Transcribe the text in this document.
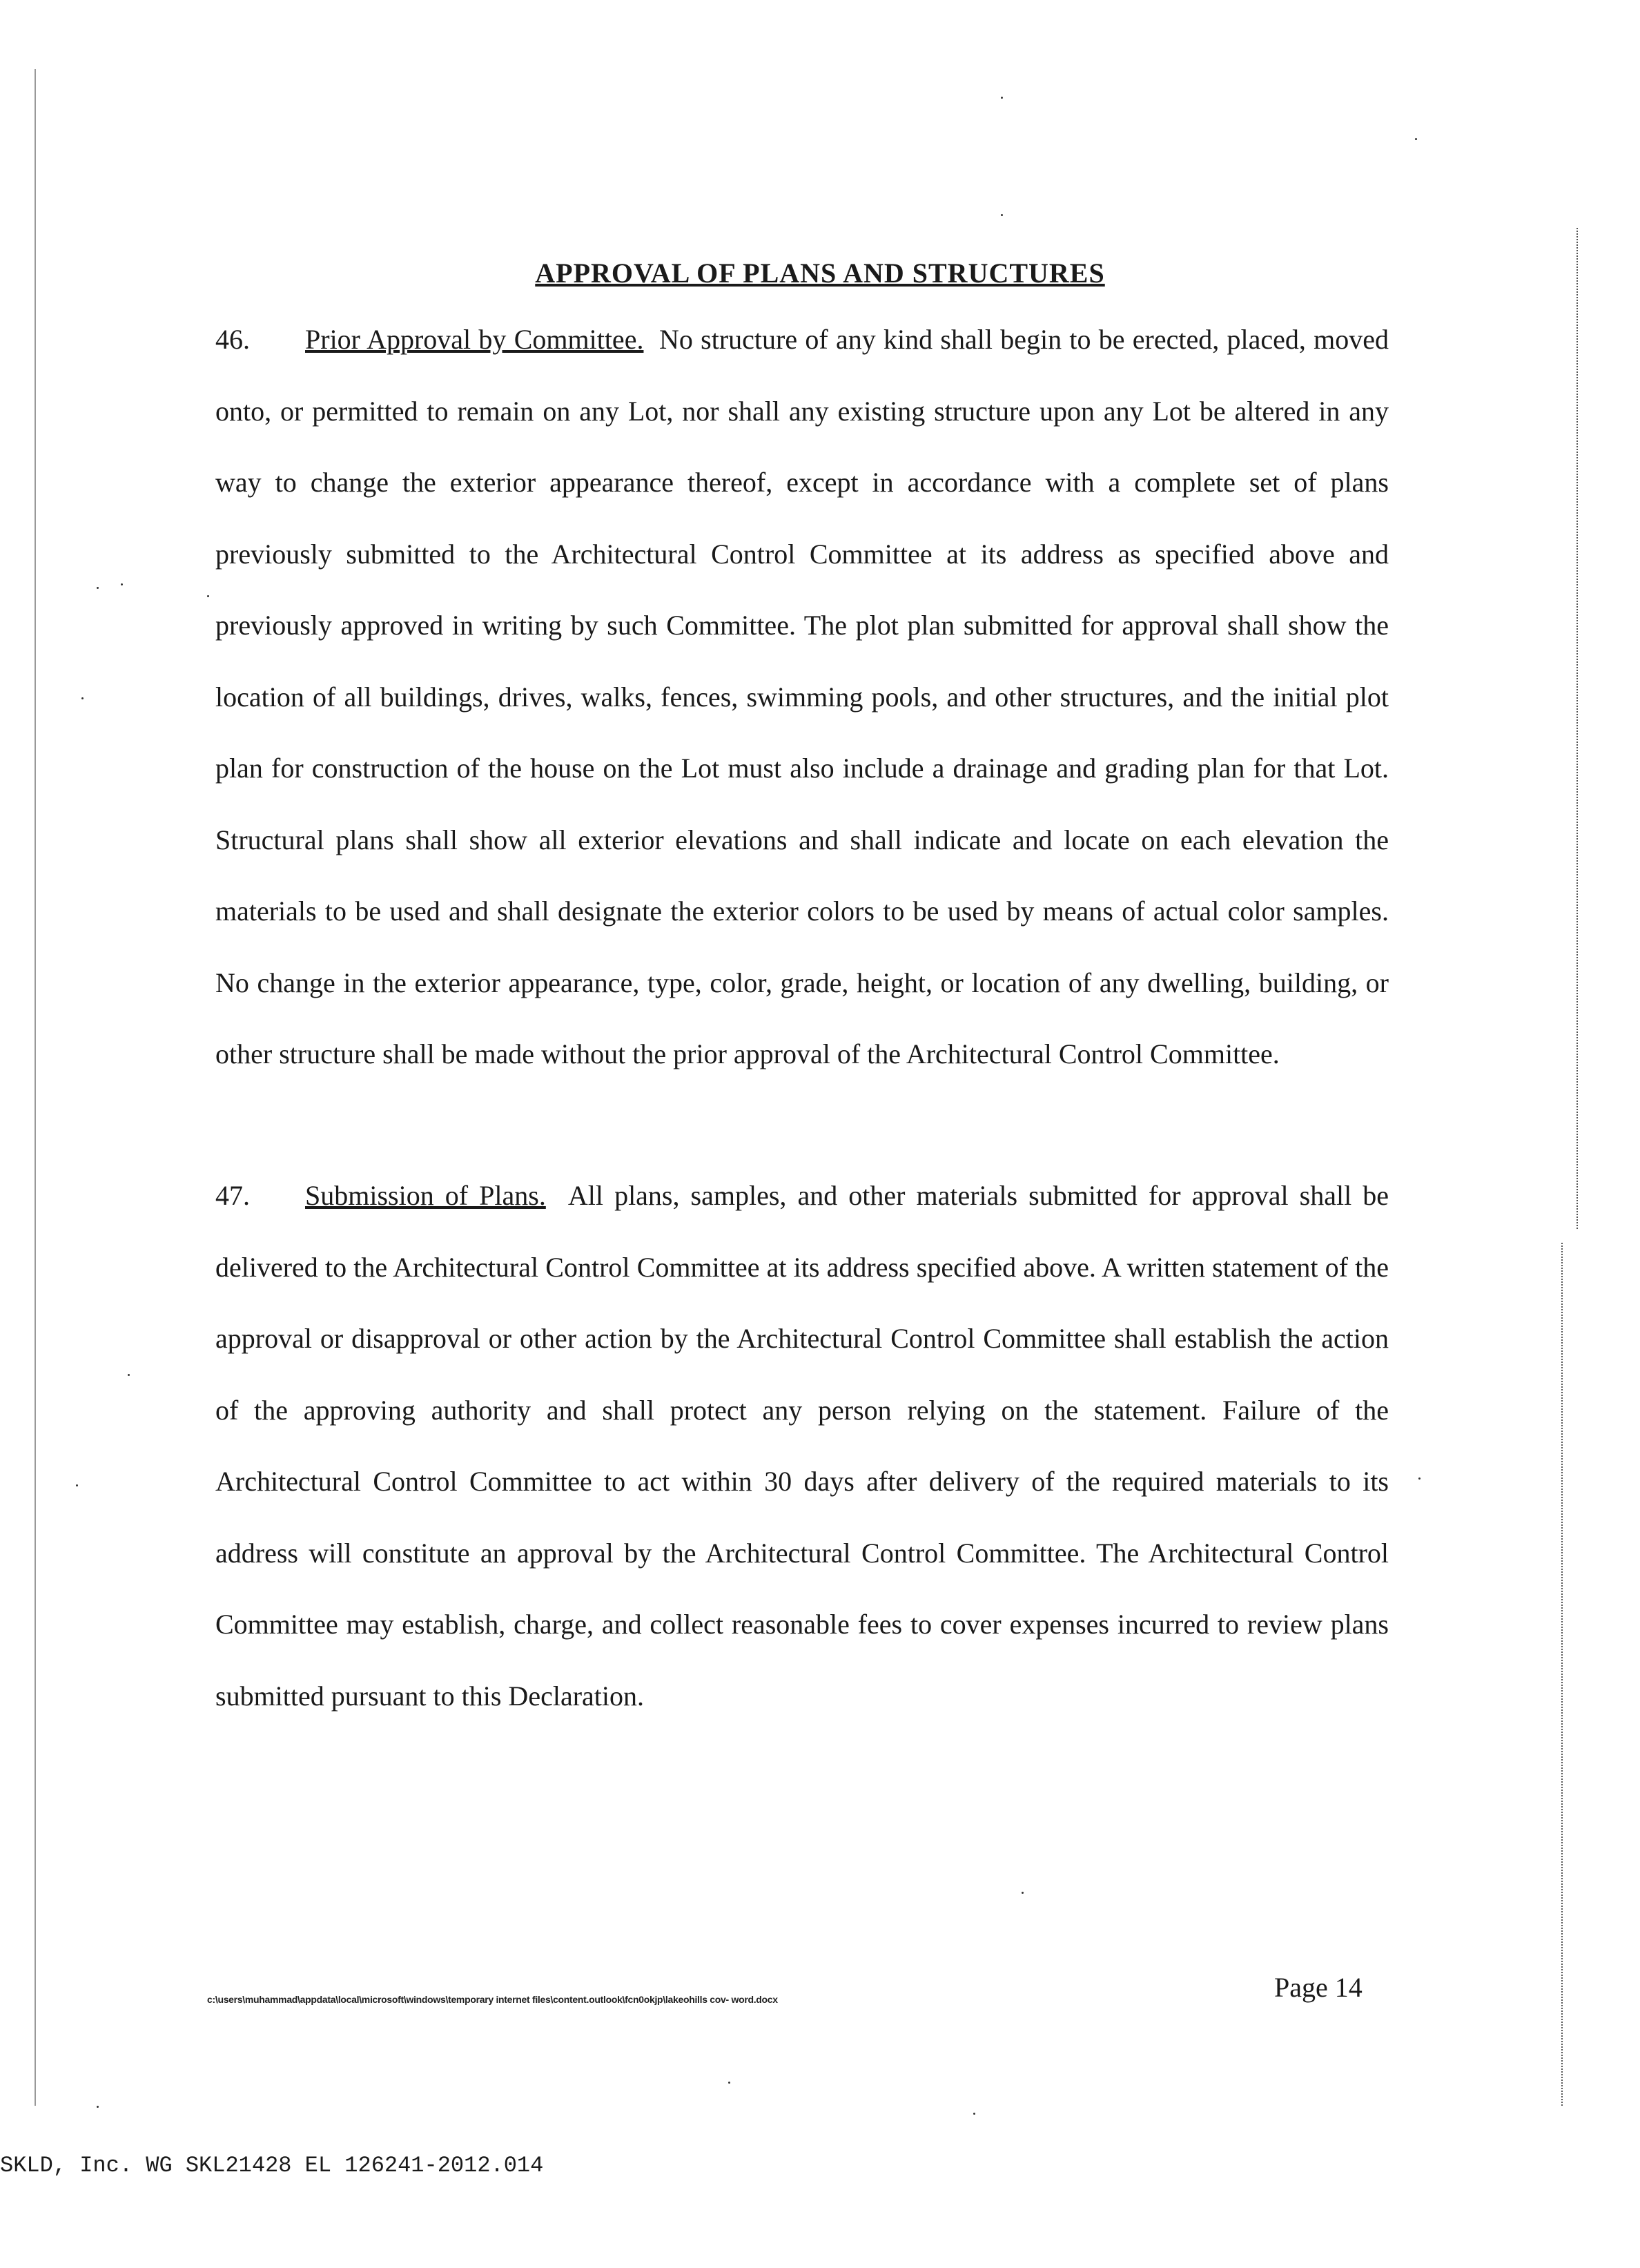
APPROVAL OF PLANS AND STRUCTURES

46. Prior Approval by Committee. No structure of any kind shall begin to be erected, placed, moved onto, or permitted to remain on any Lot, nor shall any existing structure upon any Lot be altered in any way to change the exterior appearance thereof, except in accordance with a complete set of plans previously submitted to the Architectural Control Committee at its address as specified above and previously approved in writing by such Committee. The plot plan submitted for approval shall show the location of all buildings, drives, walks, fences, swimming pools, and other structures, and the initial plot plan for construction of the house on the Lot must also include a drainage and grading plan for that Lot. Structural plans shall show all exterior elevations and shall indicate and locate on each elevation the materials to be used and shall designate the exterior colors to be used by means of actual color samples. No change in the exterior appearance, type, color, grade, height, or location of any dwelling, building, or other structure shall be made without the prior approval of the Architectural Control Committee.

47. Submission of Plans. All plans, samples, and other materials submitted for approval shall be delivered to the Architectural Control Committee at its address specified above. A written statement of the approval or disapproval or other action by the Architectural Control Committee shall establish the action of the approving authority and shall protect any person relying on the statement. Failure of the Architectural Control Committee to act within 30 days after delivery of the required materials to its address will constitute an approval by the Architectural Control Committee. The Architectural Control Committee may establish, charge, and collect reasonable fees to cover expenses incurred to review plans submitted pursuant to this Declaration.

c:\users\muhammad\appdata\local\microsoft\windows\temporary internet files\content.outlook\fcn0okjp\lakeohills cov- word.docx	Page 14
SKLD, Inc. WG SKL21428 EL 126241-2012.014
